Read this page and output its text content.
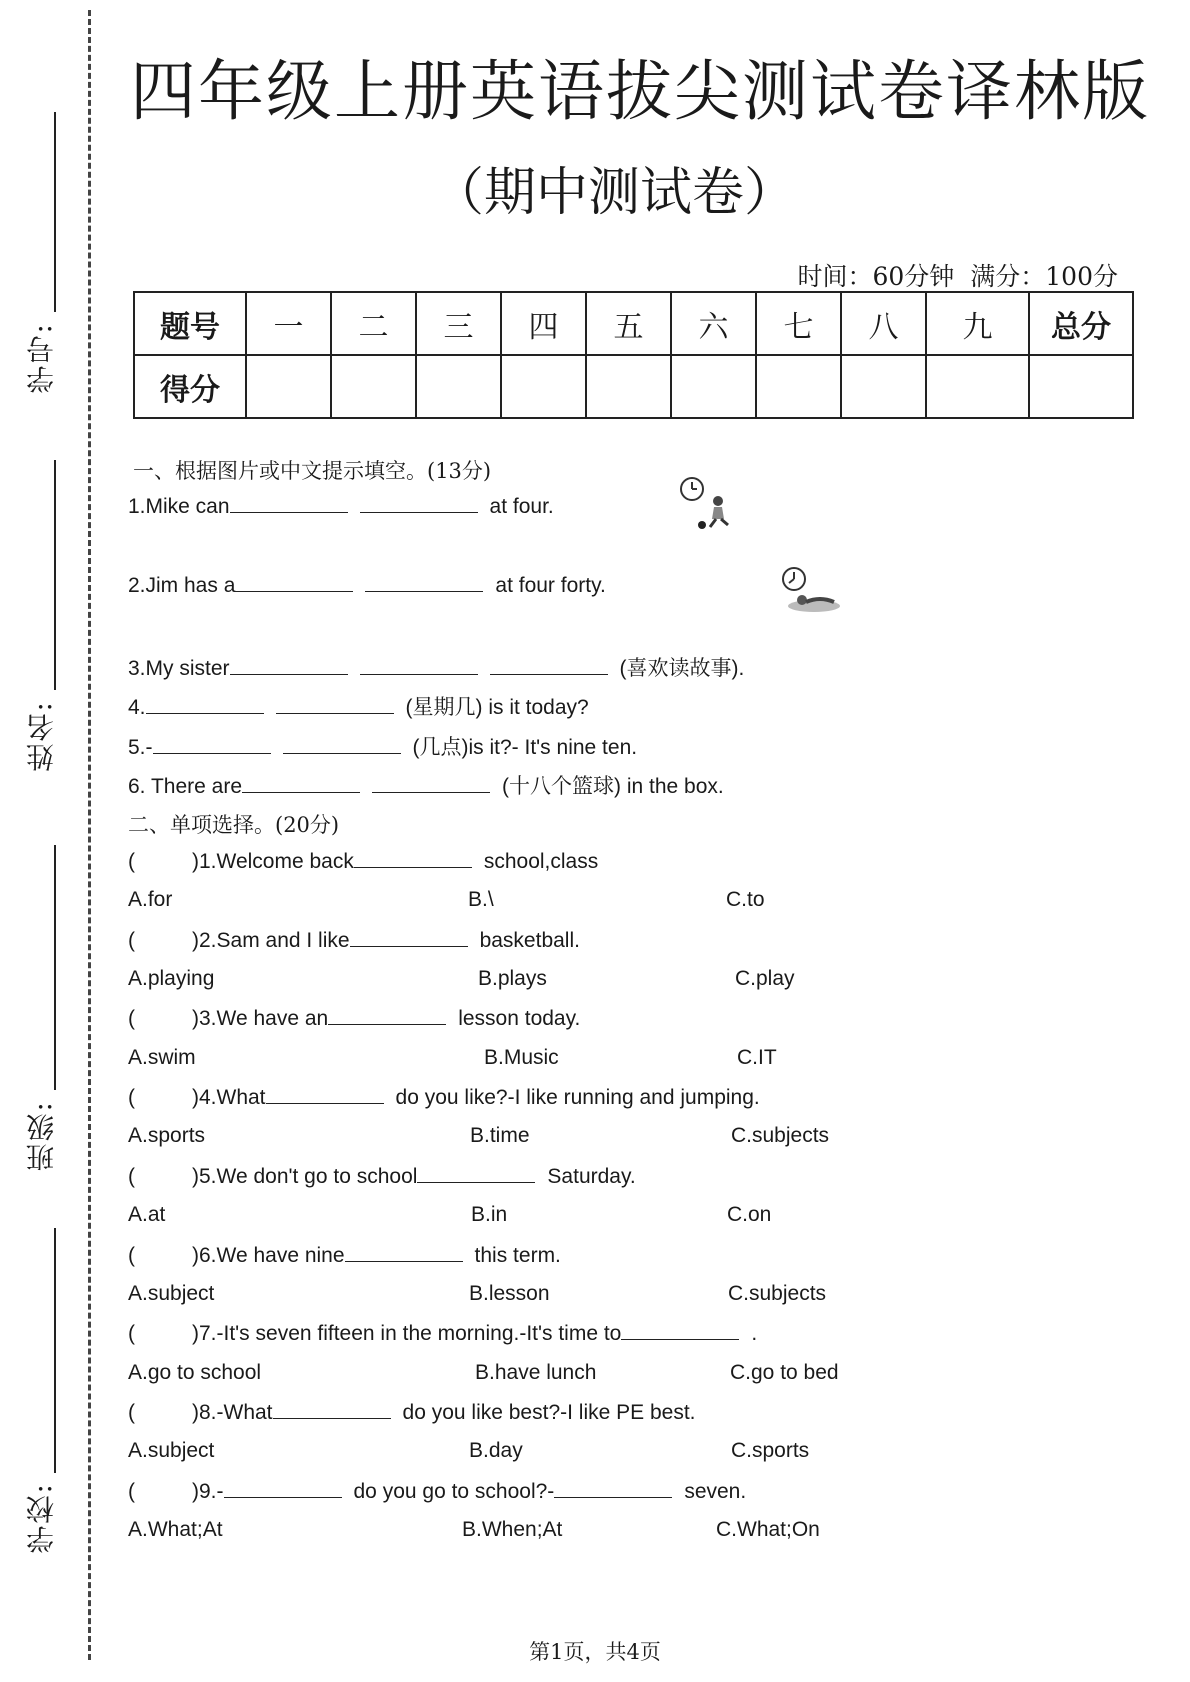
学号:
姓名:
班级:
学校:
四年级上册英语拔尖测试卷译林版
（期中测试卷）
时间：60分钟 满分：100分
题号	一	二	三	四	五	六	七	八	九	总分
得分										
一、根据图片或中文提示填空。(13分)
1.Mike can	at four.
2.Jim has a	at four forty.
3.My sister	(喜欢读故事).
4.	(星期几) is it today?
5.-	(几点)is it?- It's nine ten.
6. There are	(十八个篮球) in the box.
二、单项选择。(20分)
(	)1.Welcome back	school,class
A.for	B.\	C.to
(	)2.Sam and I like	basketball.
A.playing	B.plays	C.play
(	)3.We have an	lesson today.
A.swim	B.Music	C.IT
(	)4.What	do you like?-I like running and jumping.
A.sports	B.time	C.subjects
(	)5.We don't go to school	Saturday.
A.at	B.in	C.on
(	)6.We have nine	this term.
A.subject	B.lesson	C.subjects
(	)7.-It's seven fifteen in the morning.-It's time to	.
A.go to school	B.have lunch	C.go to bed
(	)8.-What	do you like best?-I like PE best.
A.subject	B.day	C.sports
(	)9.-	do you go to school?-	seven.
A.What;At	B.When;At	C.What;On
第1页，共4页
